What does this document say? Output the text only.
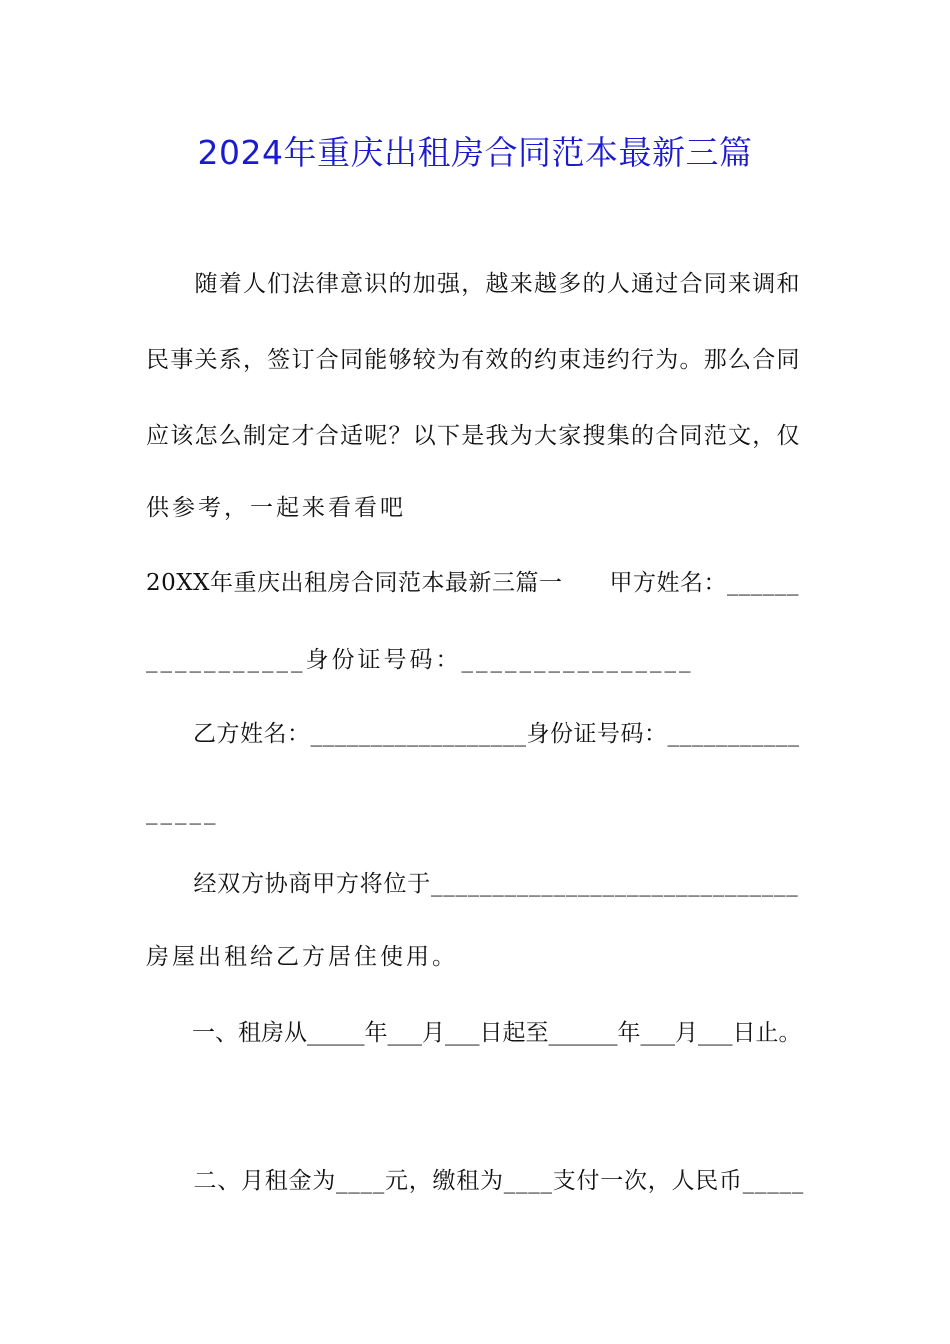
2024年重庆出租房合同范本最新三篇
　　随着人们法律意识的加强，越来越多的人通过合同来调和
民事关系，签订合同能够较为有效的约束违约行为。那么合同
应该怎么制定才合适呢？以下是我为大家搜集的合同范文，仅
供参考，一起来看看吧
20XX年重庆出租房合同范本最新三篇一　　甲方姓名：______
___________身份证号码：________________
　　乙方姓名：__________________身份证号码：___________
_____
　　经双方协商甲方将位于______________________________
房屋出租给乙方居住使用。
　　一、租房从_____年___月___日起至______年___月___日止。
　　二、月租金为____元，缴租为____支付一次，人民币_____
